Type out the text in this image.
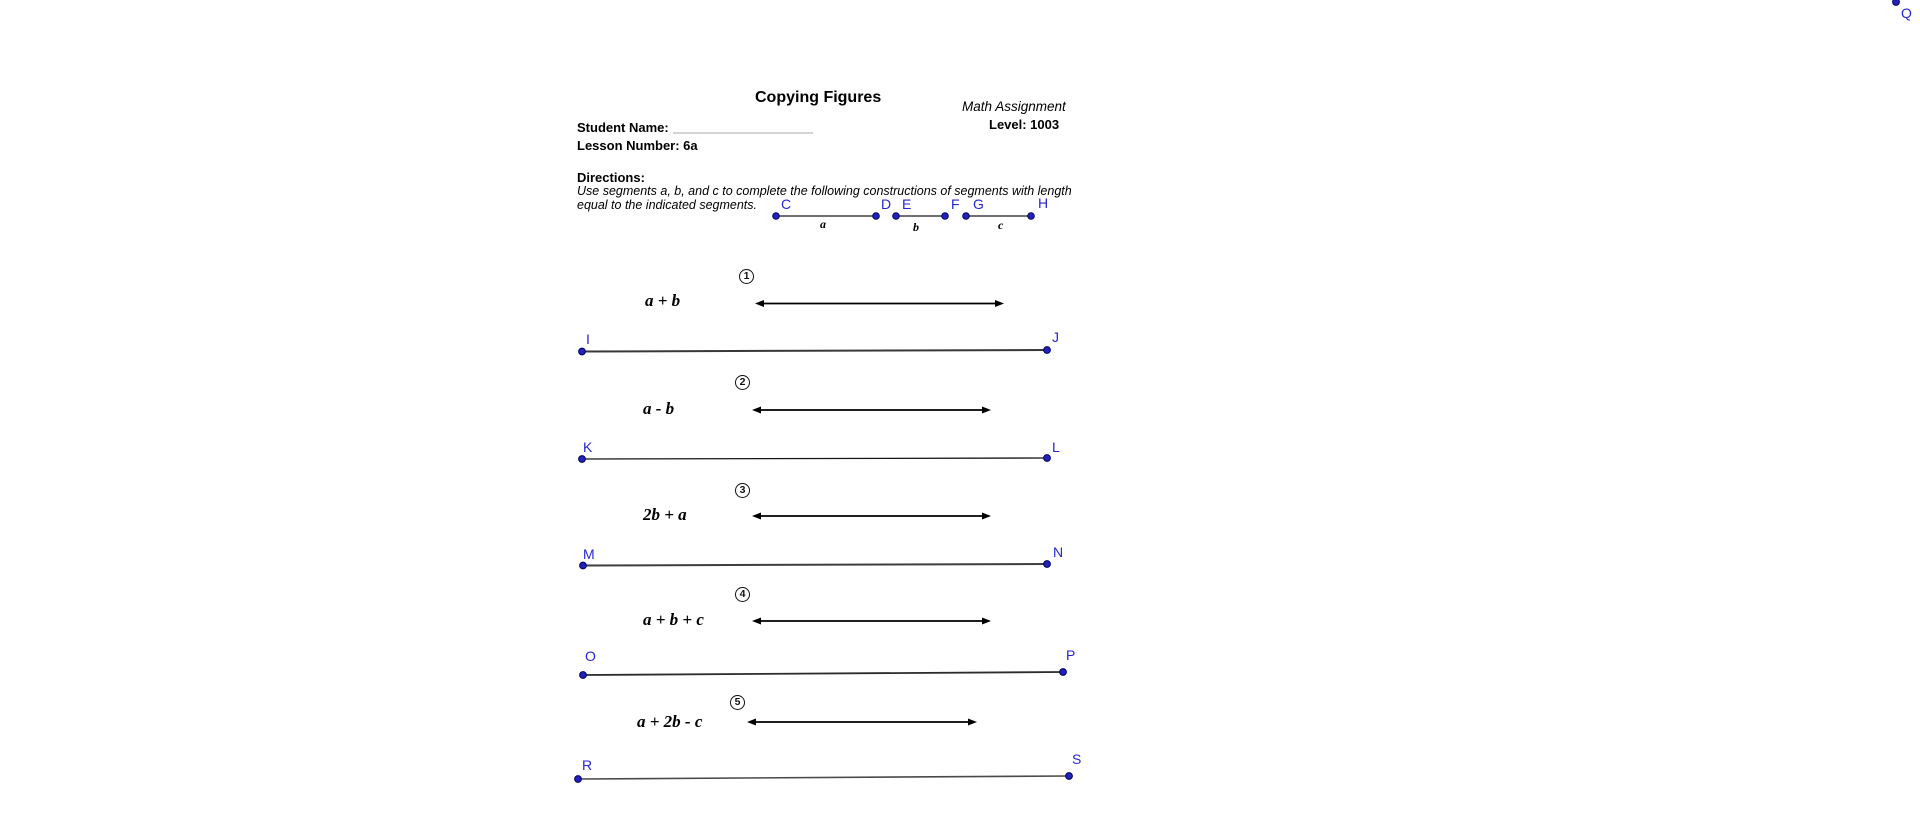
Copying Figures
Math Assignment
Level: 1003
Student Name:
Lesson Number: 6a
Directions:
Use segments a, b, and c to complete the following constructions of segments with length
equal to the indicated segments. C	D E	F G	H
a	b	c
1
a + b
I	J
2
a - b
K	L
3
2b + a
M	N
4
a + b + c
O	P
5
a + 2b - c
R	S
Q
